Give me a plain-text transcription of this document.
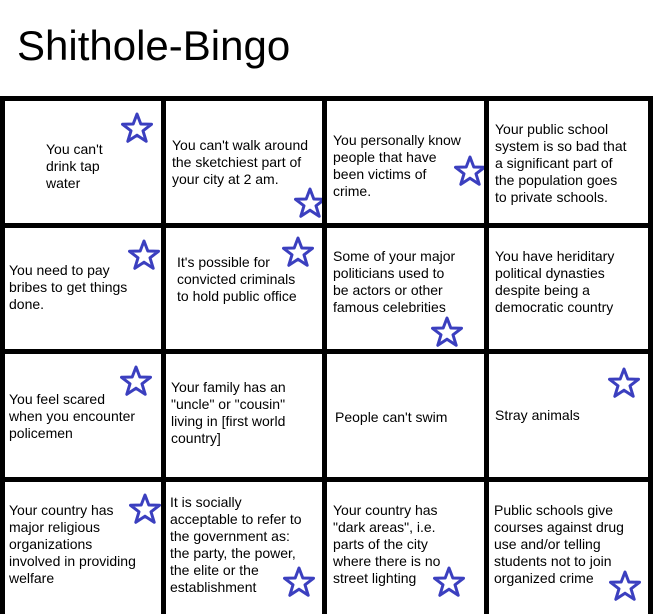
Shithole-Bingo
You can't
drink tap
water
You can't walk around
the sketchiest part of
your city at 2 am.
You personally know
people that have
been victims of
crime.
Your public school
system is so bad that
a significant part of
the population goes
to private schools.
You need to pay
bribes to get things
done.
It's possible for
convicted criminals
to hold public office
Some of your major
politicians used to
be actors or other
famous celebrities
You have heriditary
political dynasties
despite being a
democratic country
You feel scared
when you encounter
policemen
Your family has an
"uncle" or "cousin"
living in [first world
country]
People can't swim	Stray animals
Your country has
major religious
organizations
involved in providing
welfare
It is socially
acceptable to refer to
the government as:
the party, the power,
the elite or the
establishment
Your country has
"dark areas", i.e.
parts of the city
where there is no
street lighting
Public schools give
courses against drug
use and/or telling
students not to join
organized crime
